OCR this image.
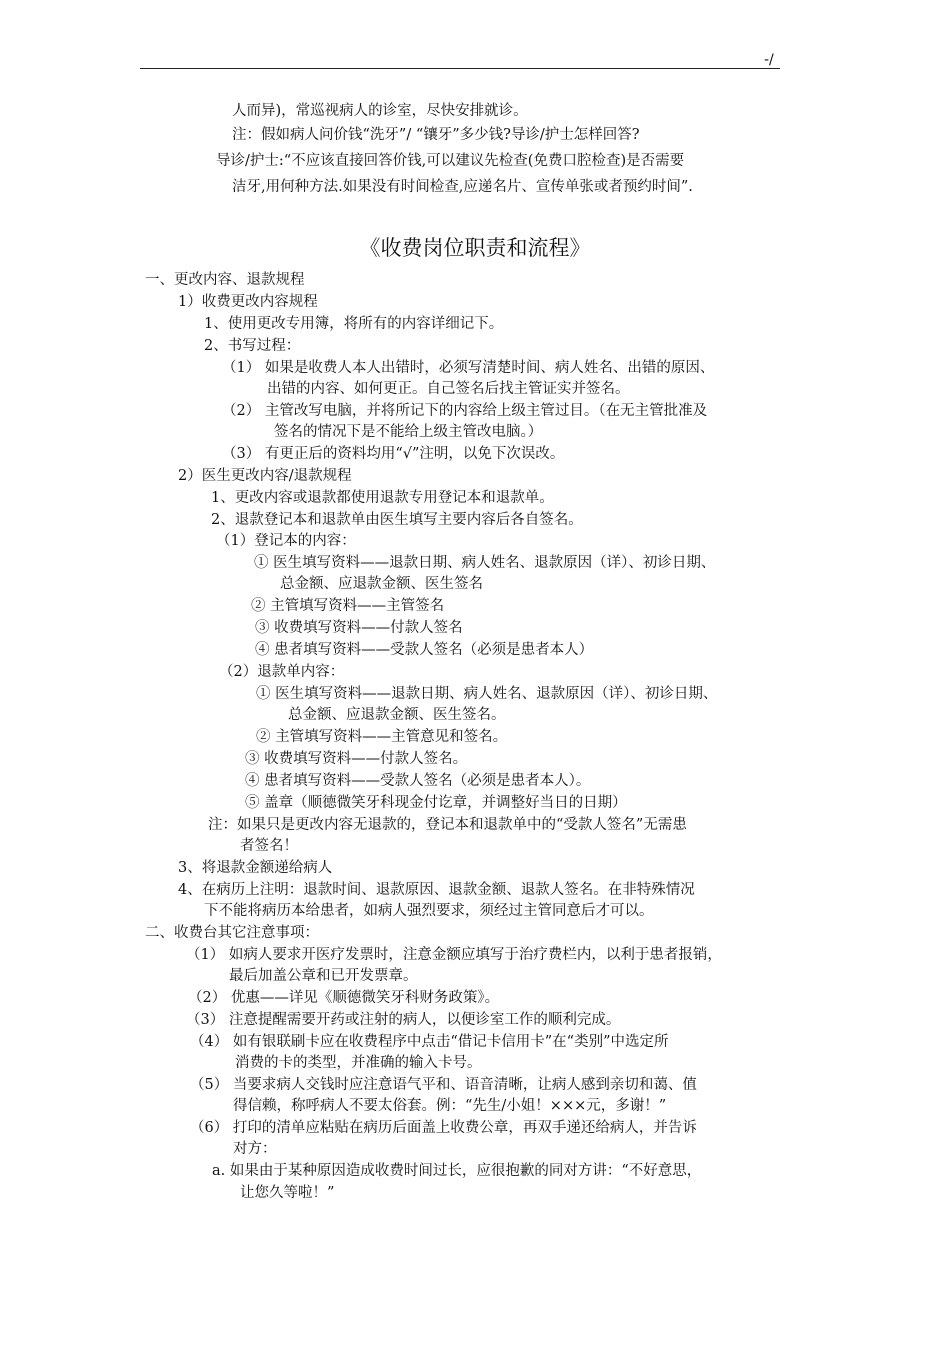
-/
《收费岗位职责和流程》
人而异)，常巡视病人的诊室，尽快安排就诊。
注：假如病人问价钱“洗牙”/ “镶牙”多少钱?导诊/护士怎样回答?
导诊/护士:“不应该直接回答价钱,可以建议先检查(免费口腔检查)是否需要
洁牙,用何种方法.如果没有时间检查,应递名片、宣传单张或者预约时间”.
一、更改内容、退款规程
1）收费更改内容规程
1、使用更改专用簿，将所有的内容详细记下。
2、书写过程：
（1） 如果是收费人本人出错时，必须写清楚时间、病人姓名、出错的原因、
出错的内容、如何更正。自己签名后找主管证实并签名。
（2） 主管改写电脑，并将所记下的内容给上级主管过目。（在无主管批准及
签名的情况下是不能给上级主管改电脑。）
（3） 有更正后的资料均用“√”注明，以免下次误改。
2）医生更改内容/退款规程
1、更改内容或退款都使用退款专用登记本和退款单。
2、退款登记本和退款单由医生填写主要内容后各自签名。
（1）登记本的内容：
① 医生填写资料——退款日期、病人姓名、退款原因（详）、初诊日期、
总金额、应退款金额、医生签名
② 主管填写资料——主管签名
③ 收费填写资料——付款人签名
④ 患者填写资料——受款人签名（必须是患者本人）
（2）退款单内容：
① 医生填写资料——退款日期、病人姓名、退款原因（详）、初诊日期、
总金额、应退款金额、医生签名。
② 主管填写资料——主管意见和签名。
③ 收费填写资料——付款人签名。
④ 患者填写资料——受款人签名（必须是患者本人）。
⑤ 盖章（顺德微笑牙科现金付讫章，并调整好当日的日期）
注：如果只是更改内容无退款的，登记本和退款单中的“受款人签名”无需患
者签名！
3、将退款金额递给病人
4、在病历上注明：退款时间、退款原因、退款金额、退款人签名。在非特殊情况
下不能将病历本给患者，如病人强烈要求，须经过主管同意后才可以。
二、收费台其它注意事项：
（1） 如病人要求开医疗发票时，注意金额应填写于治疗费栏内，以利于患者报销，
最后加盖公章和已开发票章。
（2） 优惠——详见《顺德微笑牙科财务政策》。
（3） 注意提醒需要开药或注射的病人，以便诊室工作的顺利完成。
（4） 如有银联刷卡应在收费程序中点击“借记卡信用卡”在“类别”中选定所
消费的卡的类型，并准确的输入卡号。
（5） 当要求病人交钱时应注意语气平和、语音清晰，让病人感到亲切和蔼、值
得信赖，称呼病人不要太俗套。例：“先生/小姐！×××元，多谢！”
（6） 打印的清单应粘贴在病历后面盖上收费公章，再双手递还给病人，并告诉
对方：
a. 如果由于某种原因造成收费时间过长，应很抱歉的同对方讲：“不好意思，
让您久等啦！”
